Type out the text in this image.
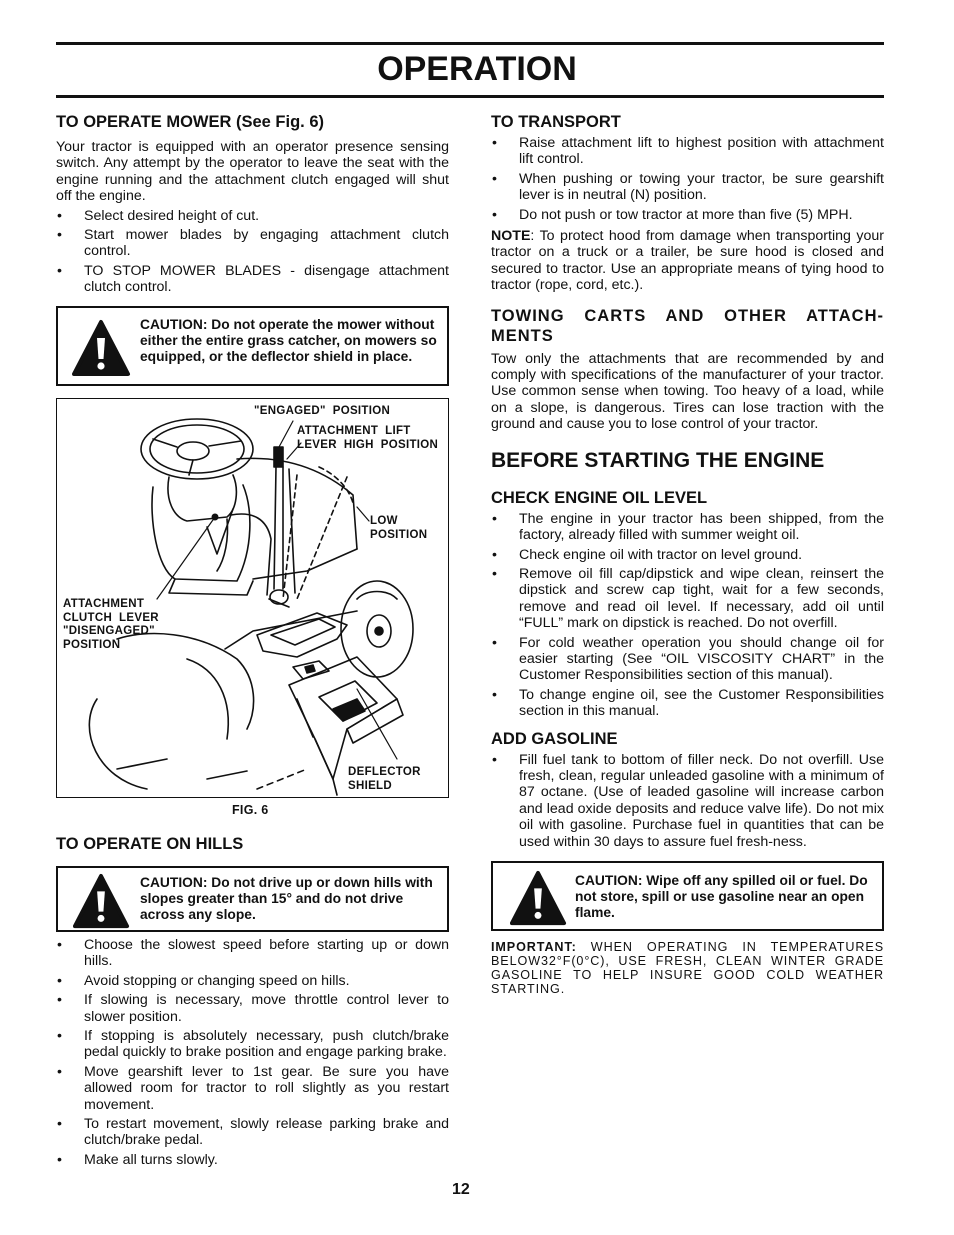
OPERATION
TO OPERATE MOWER (See Fig. 6)

Your tractor is equipped with an operator presence sensing switch. Any attempt by the operator to leave the seat with the engine running and the attachment clutch engaged will shut off the engine.

• Select desired height of cut.
• Start mower blades by engaging attachment clutch control.
• TO STOP MOWER BLADES - disengage attachment clutch control.
CAUTION: Do not operate the mower without either the entire grass catcher, on mowers so equipped, or the deflector shield in place.
"ENGAGED"  POSITION
ATTACHMENT  LIFT
LEVER  HIGH  POSITION
LOW
POSITION
ATTACHMENT
CLUTCH  LEVER
"DISENGAGED"
POSITION
DEFLECTOR
SHIELD
FIG. 6
TO OPERATE ON HILLS
CAUTION: Do not drive up or down hills with slopes greater than 15° and do not drive across any slope.
• Choose the slowest speed before starting up or down hills.
• Avoid stopping or changing speed on hills.
• If slowing is necessary, move throttle control lever to slower position.
• If stopping is absolutely necessary, push clutch/brake pedal quickly to brake position and engage parking brake.
• Move gearshift lever to 1st gear. Be sure you have allowed room for tractor to roll slightly as you restart movement.
• To restart movement, slowly release parking brake and clutch/brake pedal.
• Make all turns slowly.
TO TRANSPORT
• Raise attachment lift to highest position with attachment lift control.
• When pushing or towing your tractor, be sure gearshift lever is in neutral (N) position.
• Do not push or tow tractor at more than five (5) MPH.

NOTE: To protect hood from damage when transporting your tractor on a truck or a trailer, be sure hood is closed and secured to tractor. Use an appropriate means of tying hood to tractor (rope, cord, etc.).

TOWING CARTS AND OTHER ATTACH-MENTS

Tow only the attachments that are recommended by and comply with specifications of the manufacturer of your tractor. Use common sense when towing. Too heavy of a load, while on a slope, is dangerous. Tires can lose traction with the ground and cause you to lose control of your tractor.

BEFORE STARTING THE ENGINE
CHECK ENGINE OIL LEVEL
• The engine in your tractor has been shipped, from the factory, already filled with summer weight oil.
• Check engine oil with tractor on level ground.
• Remove oil fill cap/dipstick and wipe clean, reinsert the dipstick and screw cap tight, wait for a few seconds, remove and read oil level. If necessary, add oil until “FULL” mark on dipstick is reached. Do not overfill.
• For cold weather operation you should change oil for easier starting (See “OIL VISCOSITY CHART” in the Customer Responsibilities section of this manual).
• To change engine oil, see the Customer Responsibilities section in this manual.
ADD GASOLINE
• Fill fuel tank to bottom of filler neck. Do not overfill. Use fresh, clean, regular unleaded gasoline with a minimum of 87 octane. (Use of leaded gasoline will increase carbon and lead oxide deposits and reduce valve life). Do not mix oil with gasoline. Purchase fuel in quantities that can be used within 30 days to assure fuel fresh-ness.
CAUTION: Wipe off any spilled oil or fuel. Do not store, spill or use gasoline near an open flame.
IMPORTANT: WHEN OPERATING IN TEMPERATURES BELOW32°F(0°C), USE FRESH, CLEAN WINTER GRADE GASOLINE TO HELP INSURE GOOD COLD WEATHER STARTING.
12
